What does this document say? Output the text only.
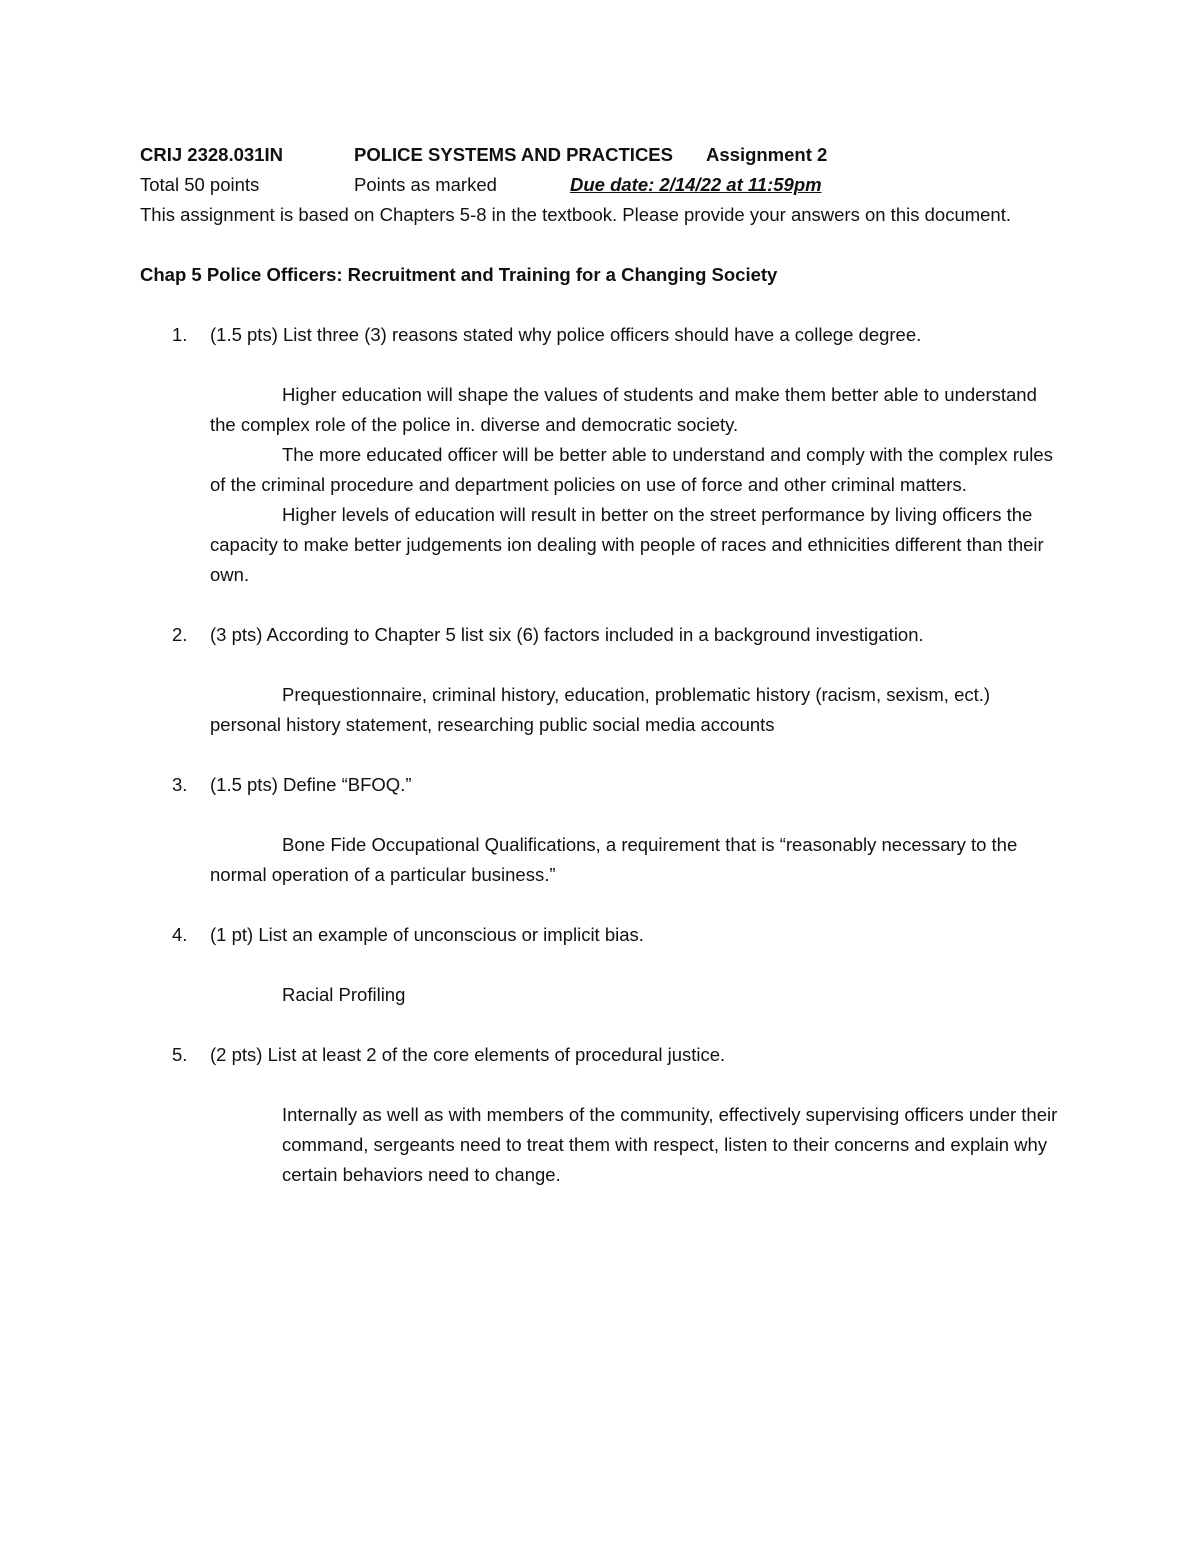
CRIJ 2328.031IN	POLICE SYSTEMS AND PRACTICES	Assignment 2
Total 50 points	Points as marked	Due date: 2/14/22 at 11:59pm

This assignment is based on Chapters 5-8 in the textbook. Please provide your answers on this document.

Chap 5 Police Officers: Recruitment and Training for a Changing Society
1.	(1.5 pts) List three (3) reasons stated why police officers should have a college degree.

Higher education will shape the values of students and make them better able to understand the complex role of the police in. diverse and democratic society.

The more educated officer will be better able to understand and comply with the complex rules of the criminal procedure and department policies on use of force and other criminal matters.

Higher levels of education will result in better on the street performance by living officers the capacity to make better judgements ion dealing with people of races and ethnicities different than their own.

2.	(3 pts) According to Chapter 5 list six (6) factors included in a background investigation.

Prequestionnaire, criminal history, education, problematic history (racism, sexism, ect.) personal history statement, researching public social media accounts

3.	(1.5 pts) Define “BFOQ.”

Bone Fide Occupational Qualifications, a requirement that is “reasonably necessary to the normal operation of a particular business.”

4.	(1 pt) List an example of unconscious or implicit bias.

Racial Profiling

5.	(2 pts) List at least 2 of the core elements of procedural justice.

Internally as well as with members of the community, effectively supervising officers under their command, sergeants need to treat them with respect, listen to their concerns and explain why certain behaviors need to change.
